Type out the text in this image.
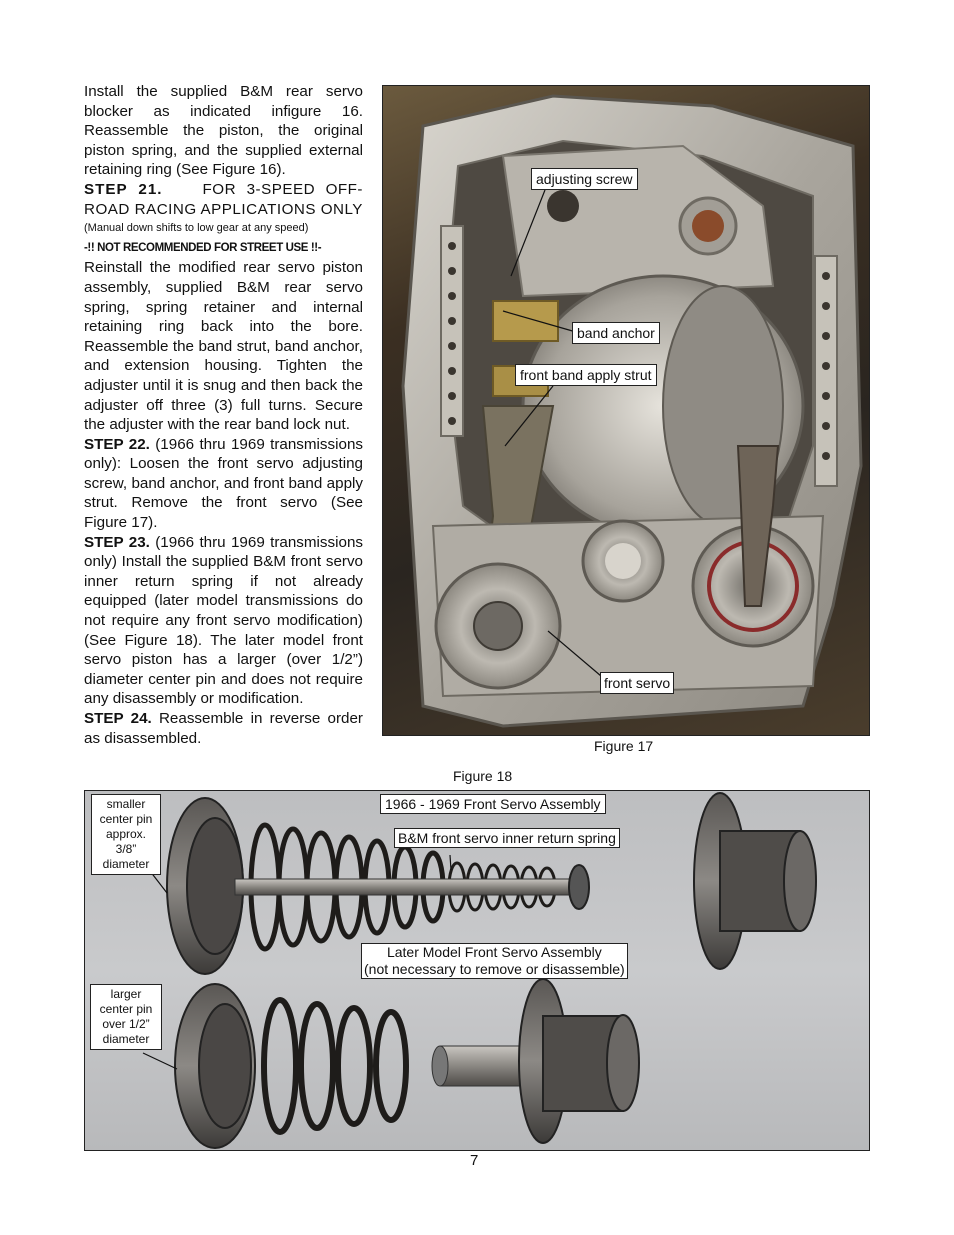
Install the supplied B&M rear servo blocker as indicated infigure 16. Reassemble the piston, the original piston spring, and the supplied external retaining ring (See Figure 16).

STEP 21.	FOR 3-SPEED OFF-ROAD RACING APPLICATIONS ONLY

(Manual down shifts to low gear at any speed)

-!! NOT RECOMMENDED FOR STREET USE !!-

Reinstall the modified rear servo piston assembly, supplied B&M rear servo spring, spring retainer and internal retaining ring back into the bore. Reassemble the band strut, band anchor, and extension housing. Tighten the adjuster until it is snug and then back the adjuster off three (3) full turns. Secure the adjuster with the rear band lock nut.

STEP 22. (1966 thru 1969 transmissions only): Loosen the front servo adjusting screw, band anchor, and front band apply strut. Remove the front servo (See Figure 17).

STEP 23. (1966 thru 1969 transmissions only) Install the supplied B&M front servo inner return spring if not already equipped (later model transmissions do not require any front servo modification) (See Figure 18). The later model front servo piston has a larger (over 1/2”) diameter center pin and does not require any disassembly or modification.

STEP 24. Reassemble in reverse order as disassembled.

adjusting screw
band anchor
front band apply strut
front servo
Figure 17
Figure 18
smaller center pin approx. 3/8” diameter
1966 - 1969 Front Servo Assembly
B&M front servo inner return spring
Later Model Front Servo Assembly
(not necessary to remove or disassemble)
larger center pin over 1/2” diameter
7
